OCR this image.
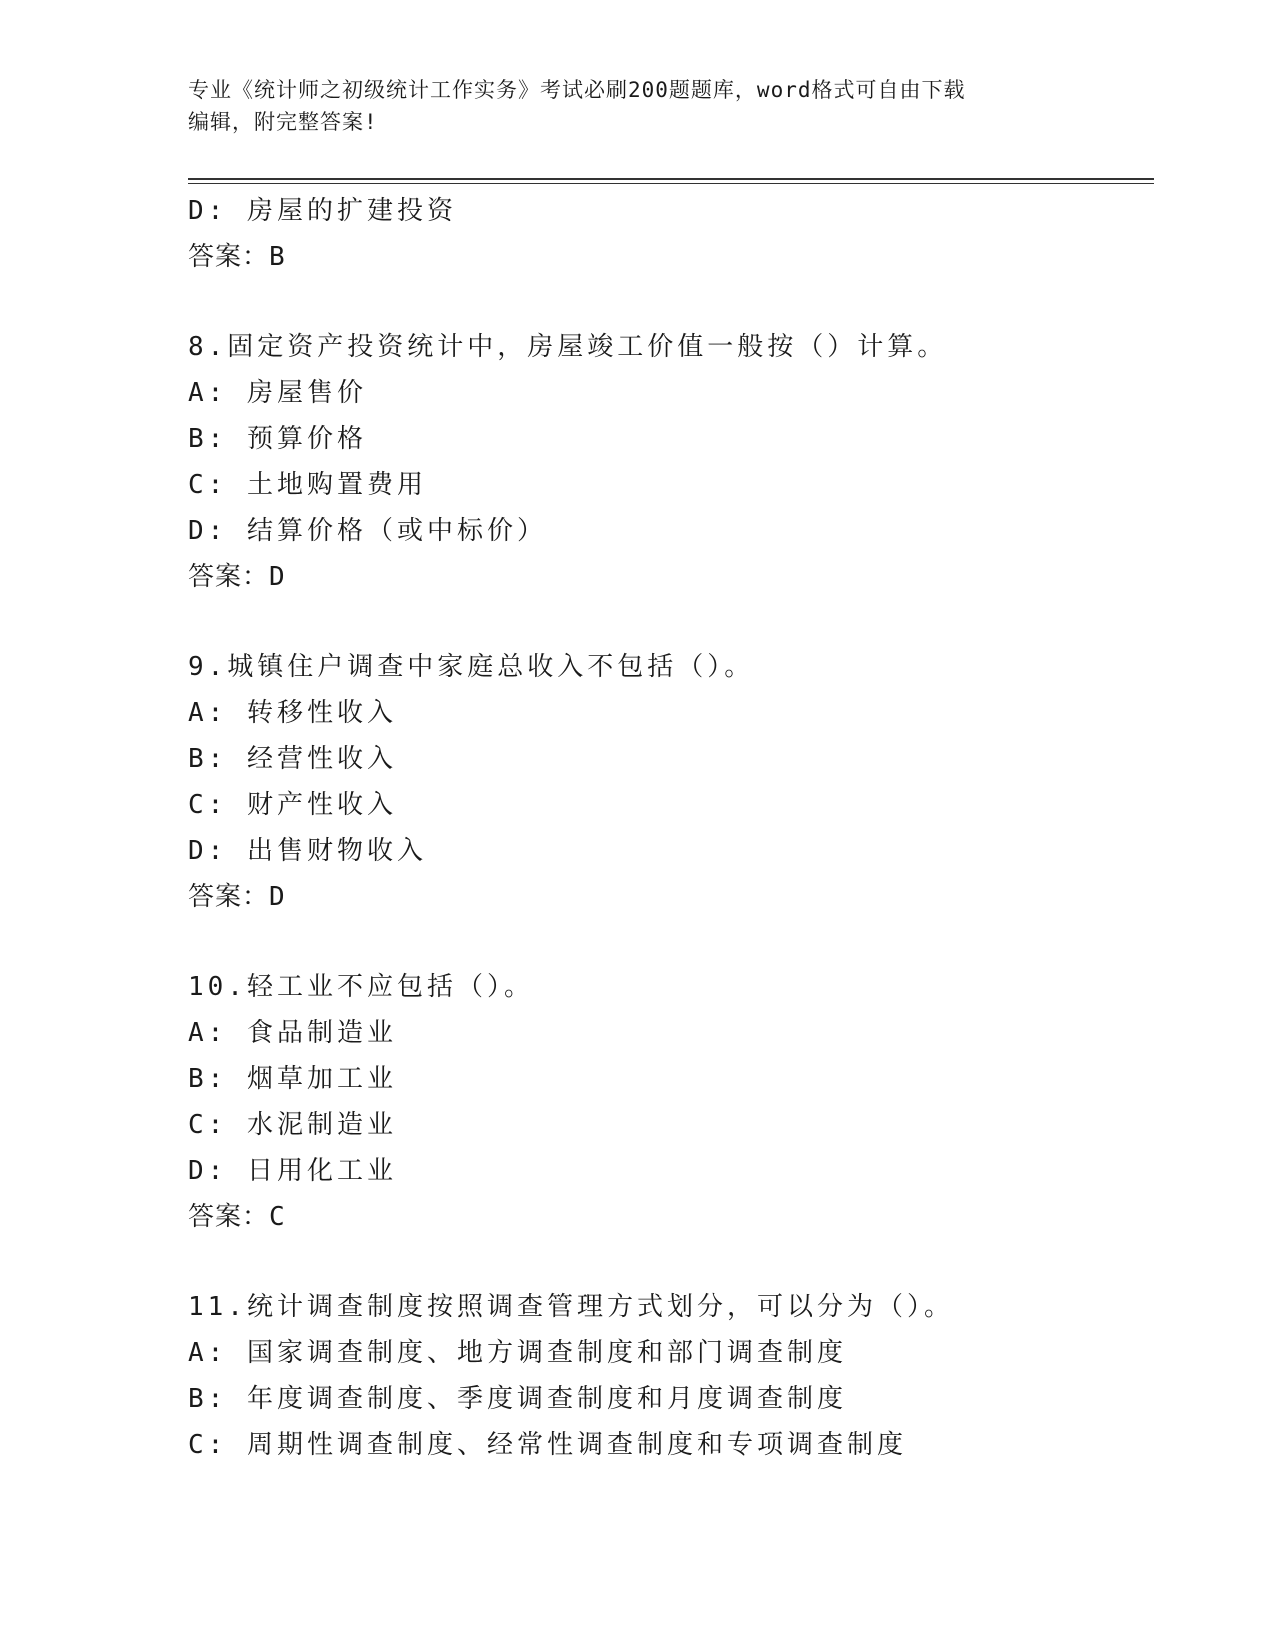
专业《统计师之初级统计工作实务》考试必刷200题题库，word格式可自由下载
编辑，附完整答案!
D: 房屋的扩建投资
答案：B
8.固定资产投资统计中，房屋竣工价值一般按（）计算。
A: 房屋售价
B: 预算价格
C: 土地购置费用
D: 结算价格（或中标价）
答案：D
9.城镇住户调查中家庭总收入不包括（）。
A: 转移性收入
B: 经营性收入
C: 财产性收入
D: 出售财物收入
答案：D
10.轻工业不应包括（）。
A: 食品制造业
B: 烟草加工业
C: 水泥制造业
D: 日用化工业
答案：C
11.统计调查制度按照调查管理方式划分，可以分为（）。
A: 国家调查制度、地方调查制度和部门调查制度
B: 年度调查制度、季度调查制度和月度调查制度
C: 周期性调查制度、经常性调查制度和专项调查制度
